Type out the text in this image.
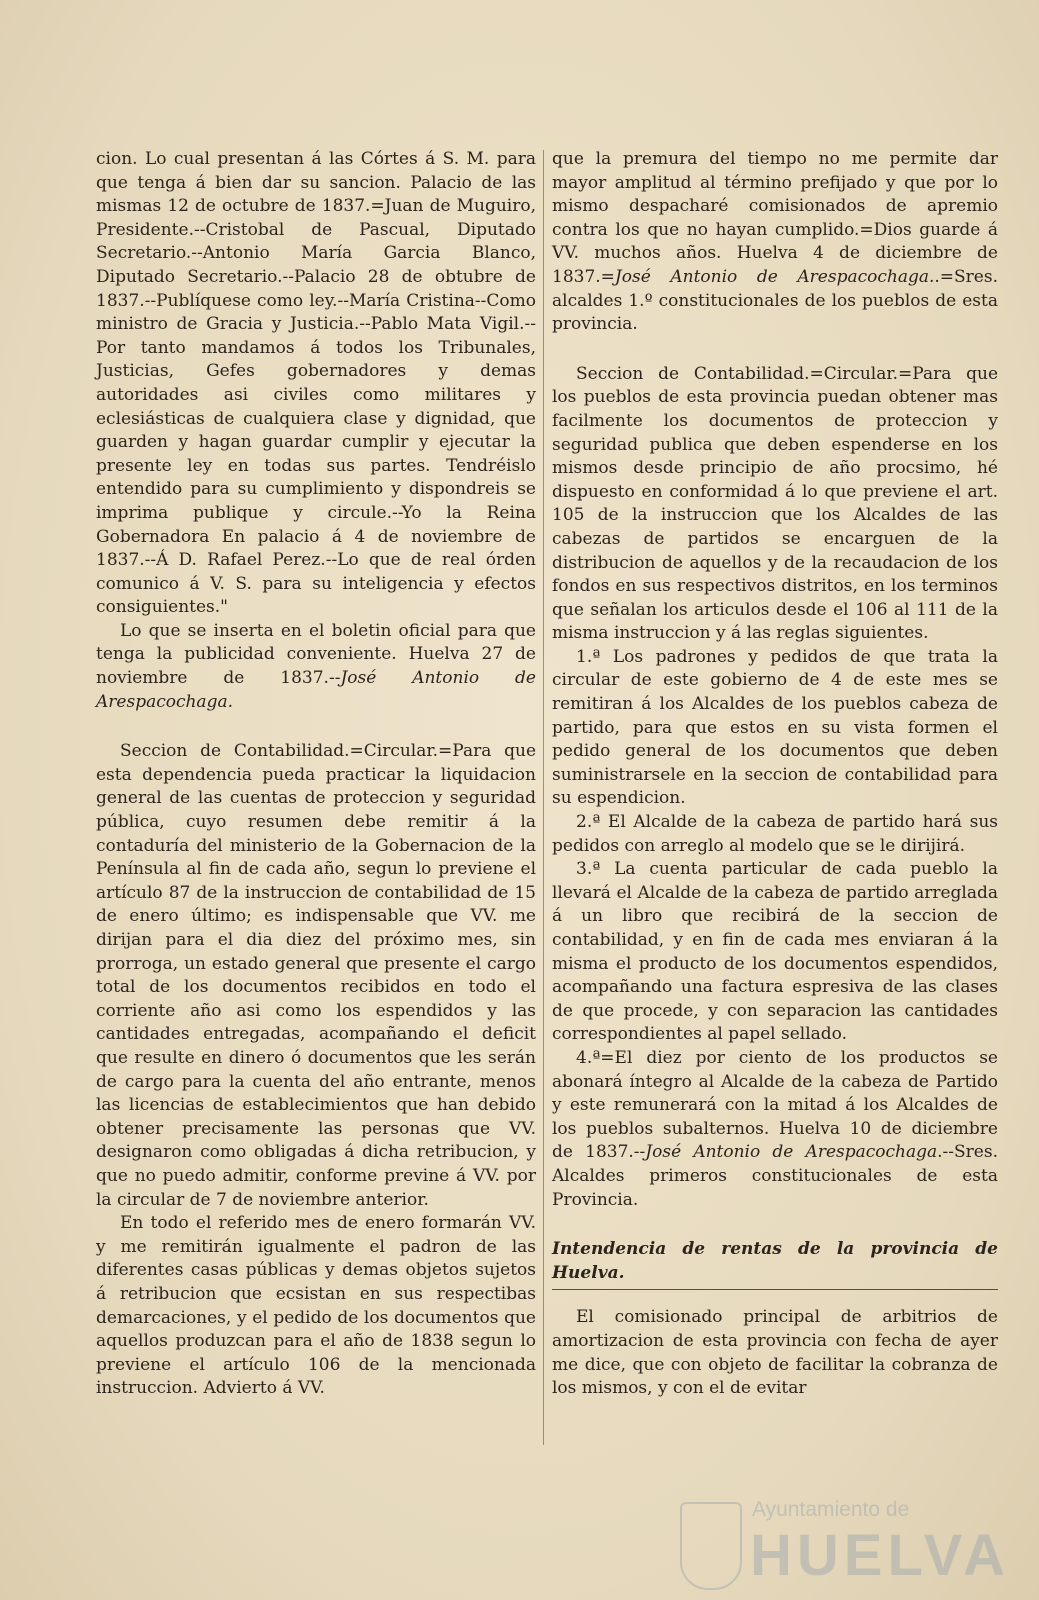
cion. Lo cual presentan á las Córtes á S. M. para que tenga á bien dar su sancion. Palacio de las mismas 12 de octubre de 1837.=Juan de Muguiro, Presidente.--Cristobal de Pascual, Diputado Secretario.--Antonio María Garcia Blanco, Diputado Secretario.--Palacio 28 de obtubre de 1837.--Publíquese como ley.--María Cristina--Como ministro de Gracia y Justicia.--Pablo Mata Vigil.--Por tanto mandamos á todos los Tribunales, Justicias, Gefes gobernadores y demas autoridades asi civiles como militares y eclesiásticas de cualquiera clase y dignidad, que guarden y hagan guardar cumplir y ejecutar la presente ley en todas sus partes. Tendréislo entendido para su cumplimiento y dispondreis se imprima publique y circule.--Yo la Reina Gobernadora En palacio á 4 de noviembre de 1837.--Á D. Rafael Perez.--Lo que de real órden comunico á V. S. para su inteligencia y efectos consiguientes."

Lo que se inserta en el boletin oficial para que tenga la publicidad conveniente. Huelva 27 de noviembre de 1837.--José Antonio de Arespacochaga.

Seccion de Contabilidad.=Circular.=Para que esta dependencia pueda practicar la liquidacion general de las cuentas de proteccion y seguridad pública, cuyo resumen debe remitir á la contaduría del ministerio de la Gobernacion de la Península al fin de cada año, segun lo previene el artículo 87 de la instruccion de contabilidad de 15 de enero último; es indispensable que VV. me dirijan para el dia diez del próximo mes, sin prorroga, un estado general que presente el cargo total de los documentos recibidos en todo el corriente año asi como los espendidos y las cantidades entregadas, acompañando el deficit que resulte en dinero ó documentos que les serán de cargo para la cuenta del año entrante, menos las licencias de establecimientos que han debido obtener precisamente las personas que VV. designaron como obligadas á dicha retribucion, y que no puedo admitir, conforme previne á VV. por la circular de 7 de noviembre anterior.

En todo el referido mes de enero formarán VV. y me remitirán igualmente el padron de las diferentes casas públicas y demas objetos sujetos á retribucion que ecsistan en sus respectibas demarcaciones, y el pedido de los documentos que aquellos produzcan para el año de 1838 segun lo previene el artículo 106 de la mencionada instruccion. Advierto á VV.

que la premura del tiempo no me permite dar mayor amplitud al término prefijado y que por lo mismo despacharé comisionados de apremio contra los que no hayan cumplido.=Dios guarde á VV. muchos años. Huelva 4 de diciembre de 1837.=José Antonio de Arespacochaga..=Sres. alcaldes 1.º constitucionales de los pueblos de esta provincia.

Seccion de Contabilidad.=Circular.=Para que los pueblos de esta provincia puedan obtener mas facilmente los documentos de proteccion y seguridad publica que deben espenderse en los mismos desde principio de año procsimo, hé dispuesto en conformidad á lo que previene el art. 105 de la instruccion que los Alcaldes de las cabezas de partidos se encarguen de la distribucion de aquellos y de la recaudacion de los fondos en sus respectivos distritos, en los terminos que señalan los articulos desde el 106 al 111 de la misma instruccion y á las reglas siguientes.

1.ª Los padrones y pedidos de que trata la circular de este gobierno de 4 de este mes se remitiran á los Alcaldes de los pueblos cabeza de partido, para que estos en su vista formen el pedido general de los documentos que deben suministrarsele en la seccion de contabilidad para su espendicion.

2.ª El Alcalde de la cabeza de partido hará sus pedidos con arreglo al modelo que se le dirijirá.

3.ª La cuenta particular de cada pueblo la llevará el Alcalde de la cabeza de partido arreglada á un libro que recibirá de la seccion de contabilidad, y en fin de cada mes enviaran á la misma el producto de los documentos espendidos, acompañando una factura espresiva de las clases de que procede, y con separacion las cantidades correspondientes al papel sellado.

4.ª=El diez por ciento de los productos se abonará íntegro al Alcalde de la cabeza de Partido y este remunerará con la mitad á los Alcaldes de los pueblos subalternos. Huelva 10 de diciembre de 1837.--José Antonio de Arespacochaga.--Sres. Alcaldes primeros constitucionales de esta Provincia.

Intendencia de rentas de la provincia de Huelva.

El comisionado principal de arbitrios de amortizacion de esta provincia con fecha de ayer me dice, que con objeto de facilitar la cobranza de los mismos, y con el de evitar

Ayuntamiento de
HUELVA
